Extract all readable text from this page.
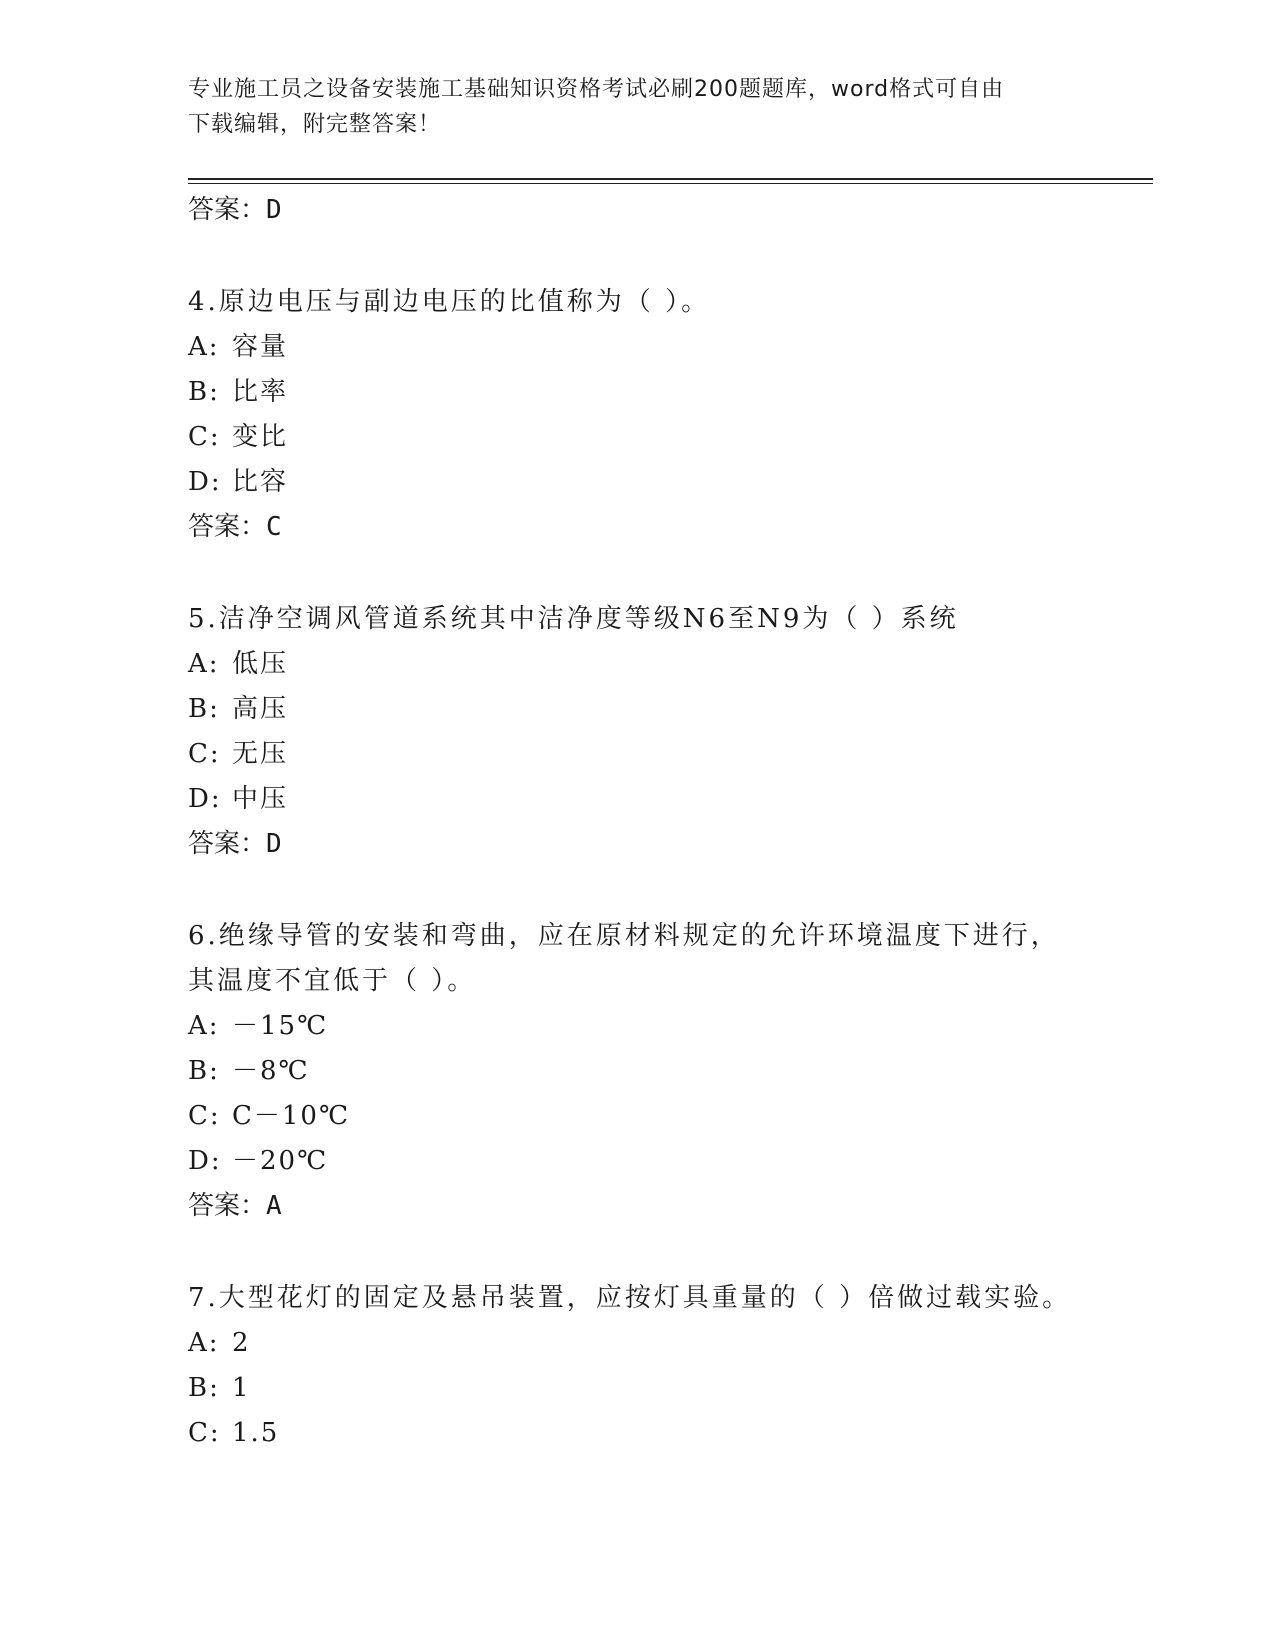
专业施工员之设备安装施工基础知识资格考试必刷200题题库，word格式可自由
下载编辑，附完整答案！
答案：D
4.原边电压与副边电压的比值称为（ ）。
A: 容量
B: 比率
C: 变比
D: 比容
答案：C
5.洁净空调风管道系统其中洁净度等级N6至N9为（ ）系统
A: 低压
B: 高压
C: 无压
D: 中压
答案：D
6.绝缘导管的安装和弯曲，应在原材料规定的允许环境温度下进行，
其温度不宜低于（ ）。
A: －15℃
B: －8℃
C: C－10℃
D: －20℃
答案：A
7.大型花灯的固定及悬吊装置，应按灯具重量的（ ）倍做过载实验。
A: 2
B: 1
C: 1.5
